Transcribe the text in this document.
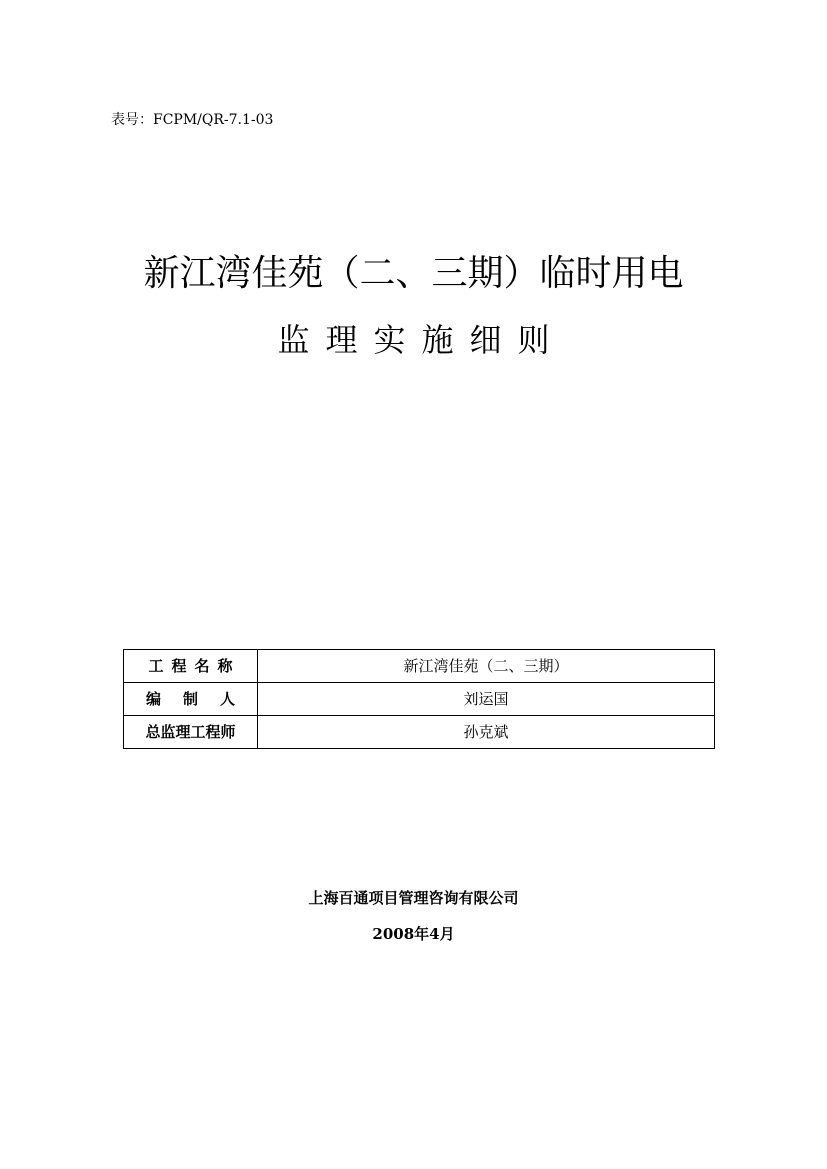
表号：FCPM/QR-7.1-03
新江湾佳苑（二、三期）临时用电
监理实施细则
工程名称	新江湾佳苑（二、三期）
编制人	刘运国
总监理工程师	孙克斌
上海百通项目管理咨询有限公司
2008年4月
